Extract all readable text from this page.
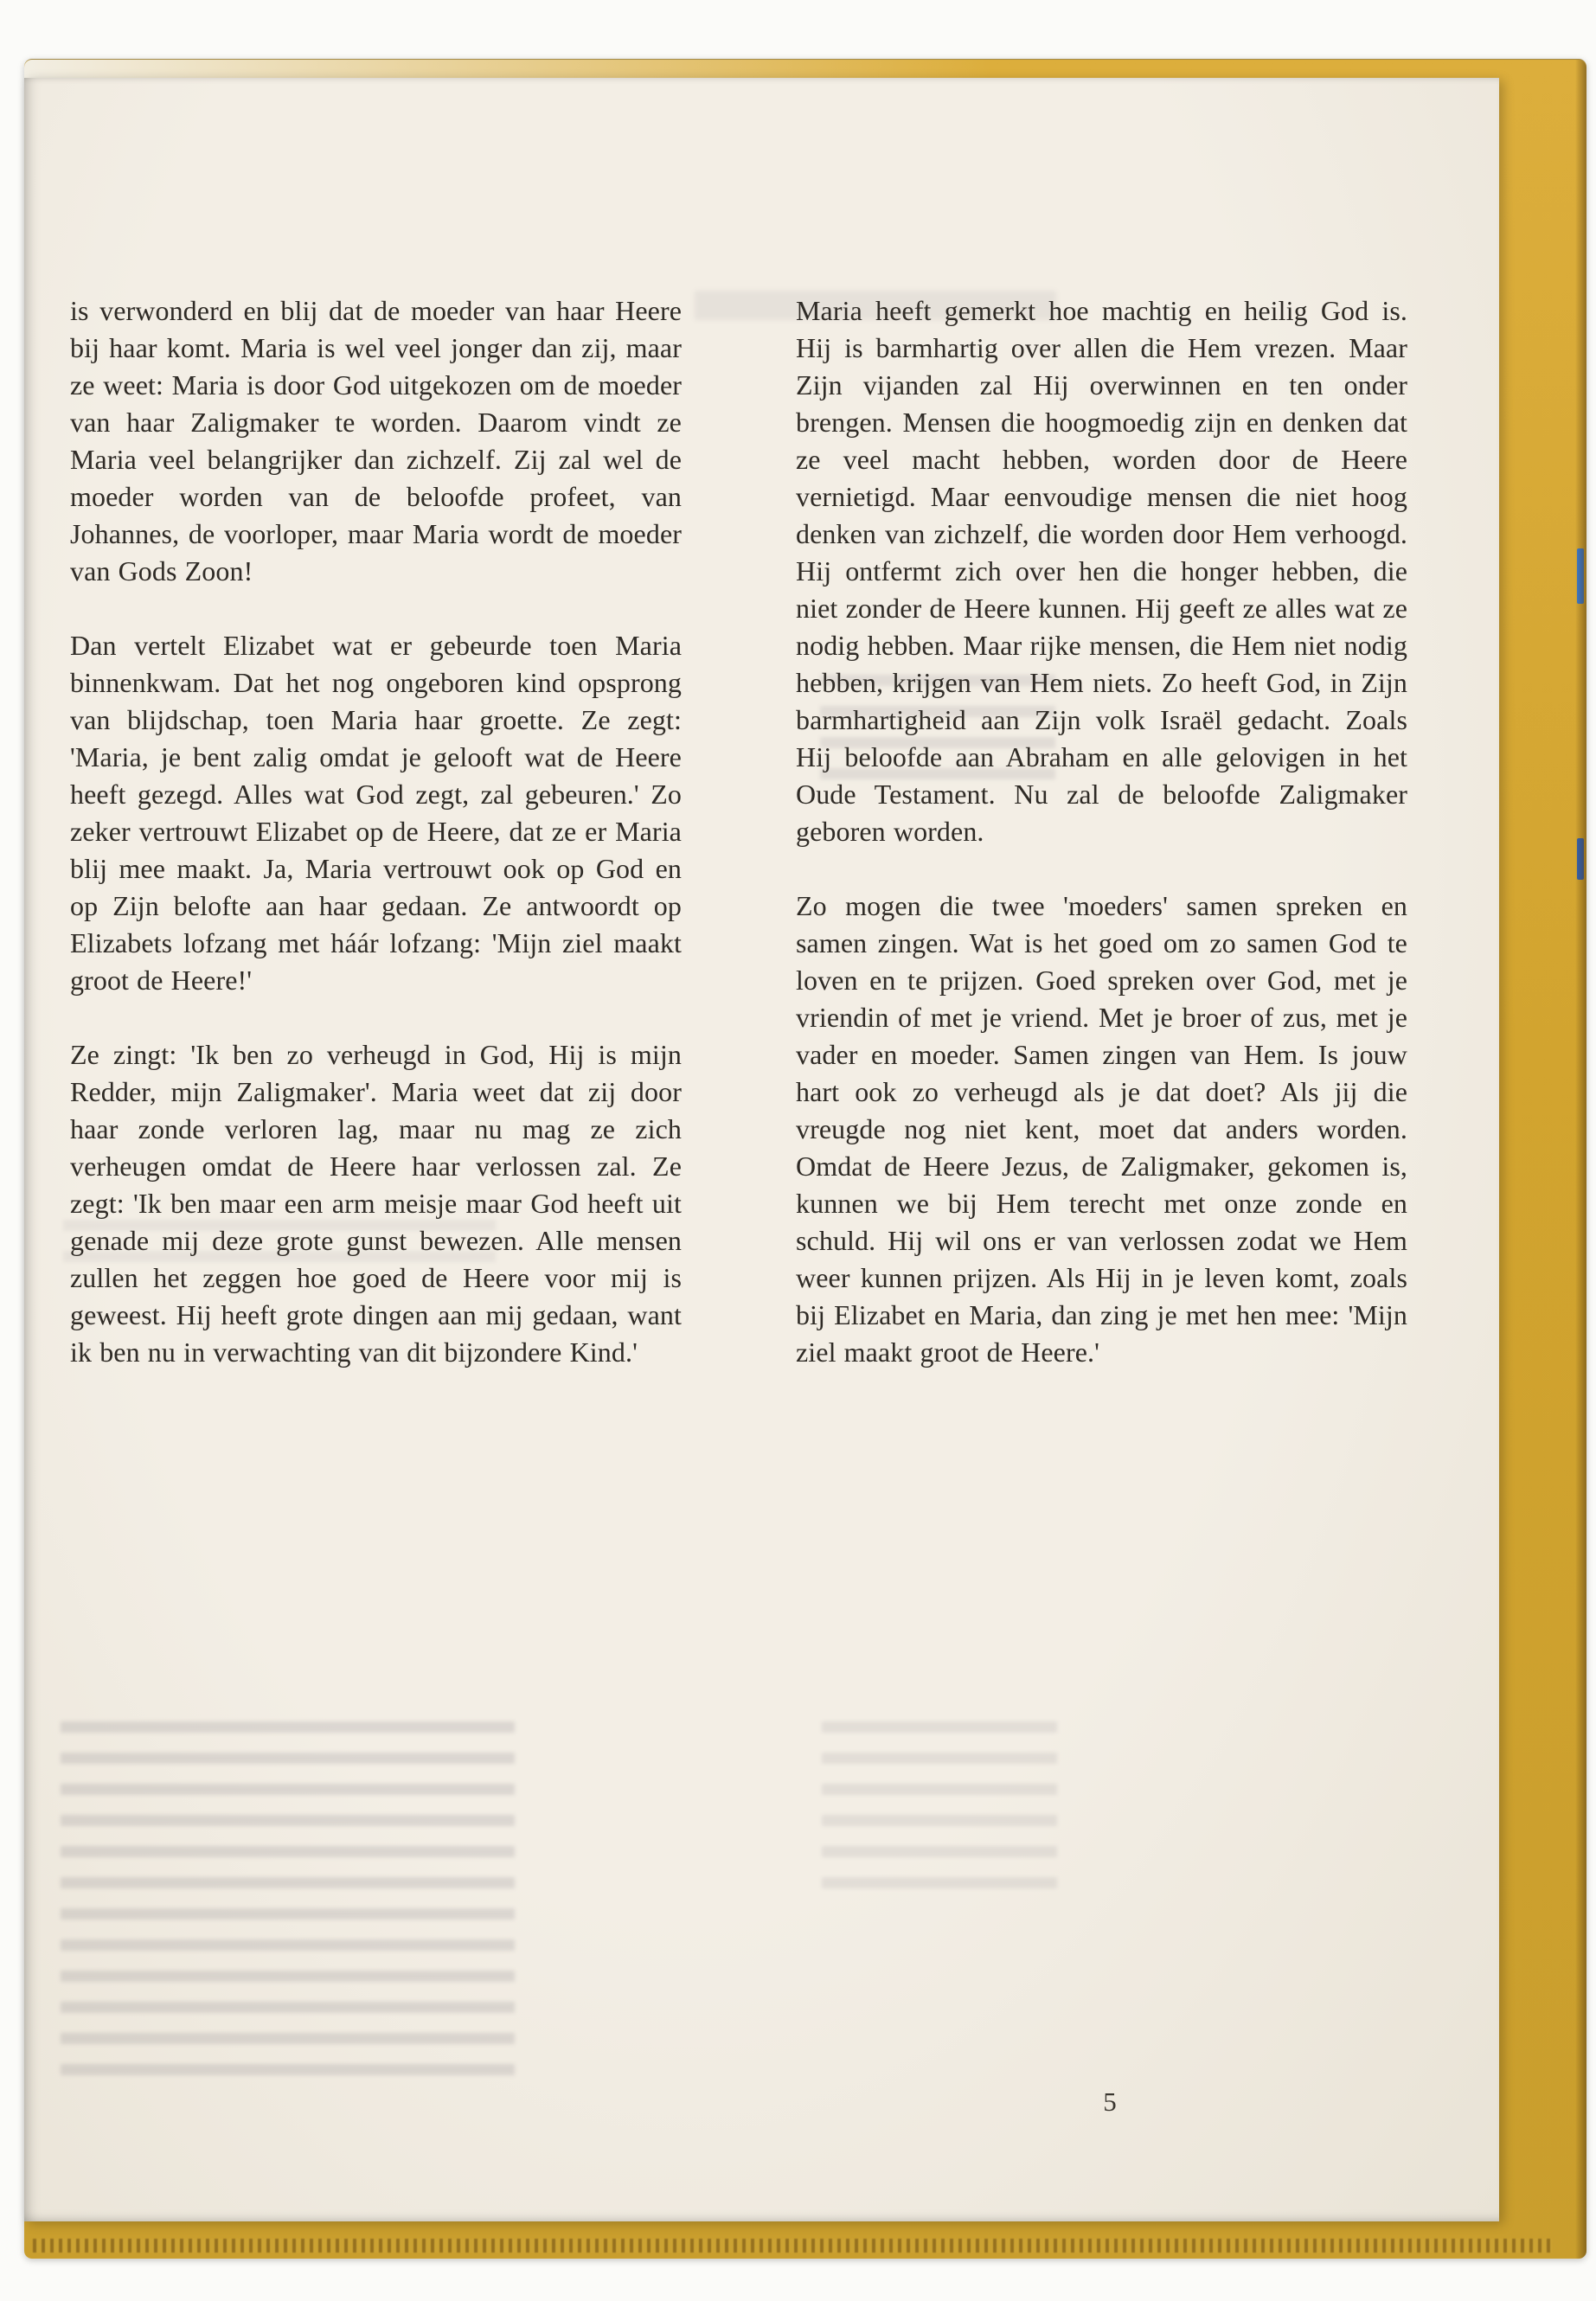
is verwonderd en blij dat de moeder van haar Heere bij haar komt. Maria is wel veel jonger dan zij, maar ze weet: Maria is door God uitgekozen om de moeder van haar Zaligmaker te worden. Daarom vindt ze Maria veel belangrijker dan zichzelf. Zij zal wel de moeder worden van de beloofde profeet, van Johannes, de voorloper, maar Maria wordt de moeder van Gods Zoon!

Dan vertelt Elizabet wat er gebeurde toen Maria binnenkwam. Dat het nog ongeboren kind opsprong van blijdschap, toen Maria haar groette. Ze zegt: 'Maria, je bent zalig omdat je gelooft wat de Heere heeft gezegd. Alles wat God zegt, zal gebeuren.' Zo zeker vertrouwt Elizabet op de Heere, dat ze er Maria blij mee maakt. Ja, Maria vertrouwt ook op God en op Zijn belofte aan haar gedaan. Ze antwoordt op Elizabets lofzang met háár lofzang: 'Mijn ziel maakt groot de Heere!'

Ze zingt: 'Ik ben zo verheugd in God, Hij is mijn Redder, mijn Zaligmaker'. Maria weet dat zij door haar zonde verloren lag, maar nu mag ze zich verheugen omdat de Heere haar verlossen zal. Ze zegt: 'Ik ben maar een arm meisje maar God heeft uit genade mij deze grote gunst bewezen. Alle mensen zullen het zeggen hoe goed de Heere voor mij is geweest. Hij heeft grote dingen aan mij gedaan, want ik ben nu in verwachting van dit bijzondere Kind.'

Maria heeft gemerkt hoe machtig en heilig God is. Hij is barmhartig over allen die Hem vrezen. Maar Zijn vijanden zal Hij overwinnen en ten onder brengen. Mensen die hoogmoedig zijn en denken dat ze veel macht hebben, worden door de Heere vernietigd. Maar eenvoudige mensen die niet hoog denken van zichzelf, die worden door Hem verhoogd. Hij ontfermt zich over hen die honger hebben, die niet zonder de Heere kunnen. Hij geeft ze alles wat ze nodig hebben. Maar rijke mensen, die Hem niet nodig hebben, krijgen van Hem niets. Zo heeft God, in Zijn barmhartigheid aan Zijn volk Israël gedacht. Zoals Hij beloofde aan Abraham en alle gelovigen in het Oude Testament. Nu zal de beloofde Zaligmaker geboren worden.

Zo mogen die twee 'moeders' samen spreken en samen zingen. Wat is het goed om zo samen God te loven en te prijzen. Goed spreken over God, met je vriendin of met je vriend. Met je broer of zus, met je vader en moeder. Samen zingen van Hem. Is jouw hart ook zo verheugd als je dat doet? Als jij die vreugde nog niet kent, moet dat anders worden. Omdat de Heere Jezus, de Zaligmaker, gekomen is, kunnen we bij Hem terecht met onze zonde en schuld. Hij wil ons er van verlossen zodat we Hem weer kunnen prijzen. Als Hij in je leven komt, zoals bij Elizabet en Maria, dan zing je met hen mee: 'Mijn ziel maakt groot de Heere.'

5
